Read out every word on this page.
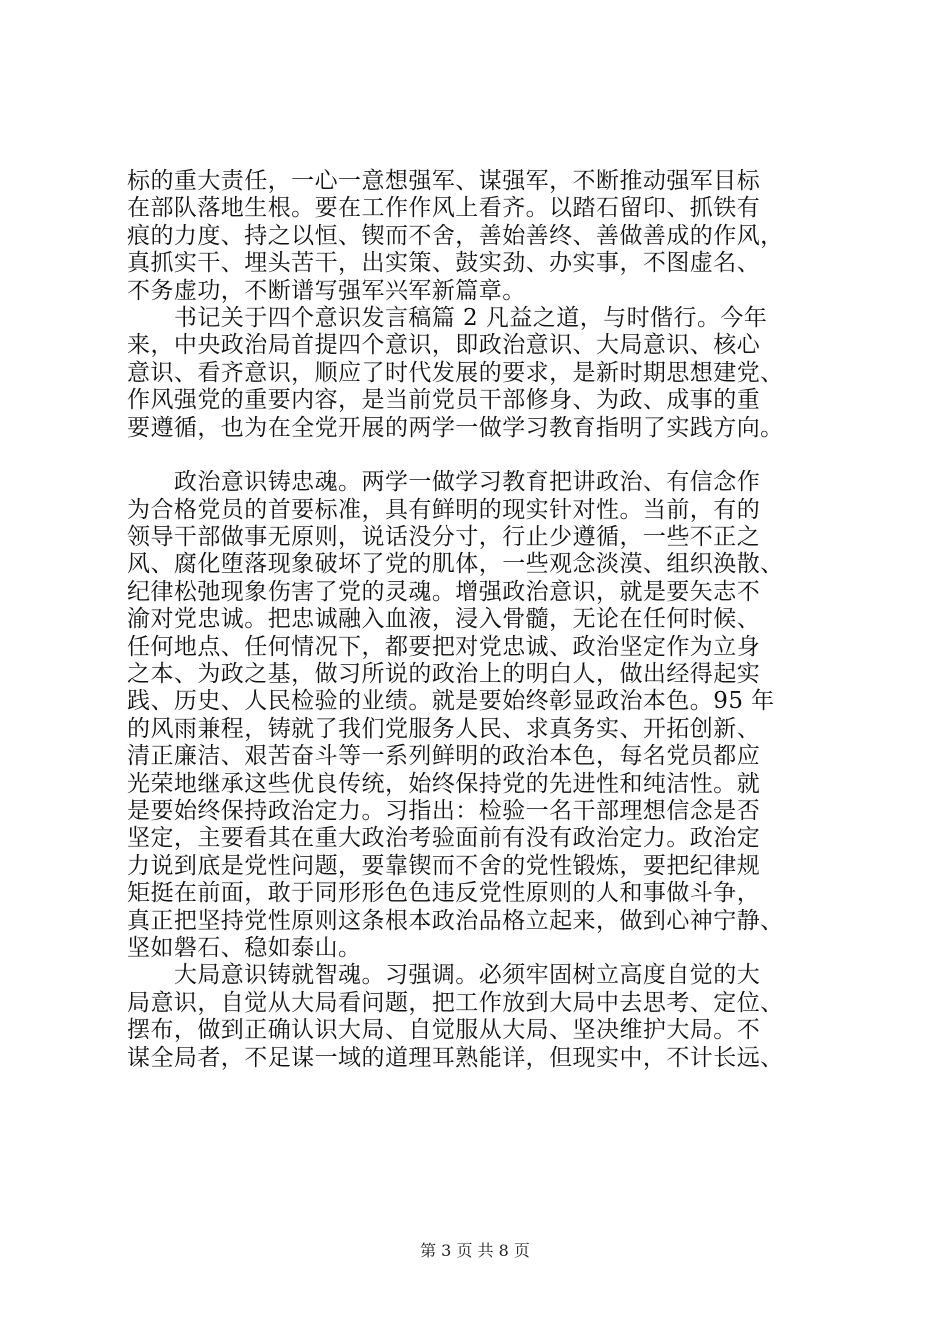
标的重大责任，一心一意想强军、谋强军，不断推动强军目标
在部队落地生根。要在工作作风上看齐。以踏石留印、抓铁有
痕的力度、持之以恒、锲而不舍，善始善终、善做善成的作风，
真抓实干、埋头苦干，出实策、鼓实劲、办实事，不图虚名、
不务虚功，不断谱写强军兴军新篇章。
　　书记关于四个意识发言稿篇 2 凡益之道，与时偕行。今年
来，中央政治局首提四个意识，即政治意识、大局意识、核心
意识、看齐意识，顺应了时代发展的要求，是新时期思想建党、
作风强党的重要内容，是当前党员干部修身、为政、成事的重
要遵循，也为在全党开展的两学一做学习教育指明了实践方向。
　　政治意识铸忠魂。两学一做学习教育把讲政治、有信念作
为合格党员的首要标准，具有鲜明的现实针对性。当前，有的
领导干部做事无原则，说话没分寸，行止少遵循，一些不正之
风、腐化堕落现象破坏了党的肌体，一些观念淡漠、组织涣散、
纪律松弛现象伤害了党的灵魂。增强政治意识，就是要矢志不
渝对党忠诚。把忠诚融入血液，浸入骨髓，无论在任何时候、
任何地点、任何情况下，都要把对党忠诚、政治坚定作为立身
之本、为政之基，做习所说的政治上的明白人，做出经得起实
践、历史、人民检验的业绩。就是要始终彰显政治本色。95 年
的风雨兼程，铸就了我们党服务人民、求真务实、开拓创新、
清正廉洁、艰苦奋斗等一系列鲜明的政治本色，每名党员都应
光荣地继承这些优良传统，始终保持党的先进性和纯洁性。就
是要始终保持政治定力。习指出：检验一名干部理想信念是否
坚定，主要看其在重大政治考验面前有没有政治定力。政治定
力说到底是党性问题，要靠锲而不舍的党性锻炼，要把纪律规
矩挺在前面，敢于同形形色色违反党性原则的人和事做斗争，
真正把坚持党性原则这条根本政治品格立起来，做到心神宁静、
坚如磐石、稳如泰山。
　　大局意识铸就智魂。习强调。必须牢固树立高度自觉的大
局意识，自觉从大局看问题，把工作放到大局中去思考、定位、
摆布，做到正确认识大局、自觉服从大局、坚决维护大局。不
谋全局者，不足谋一域的道理耳熟能详，但现实中，不计长远、
第 3 页 共 8 页
